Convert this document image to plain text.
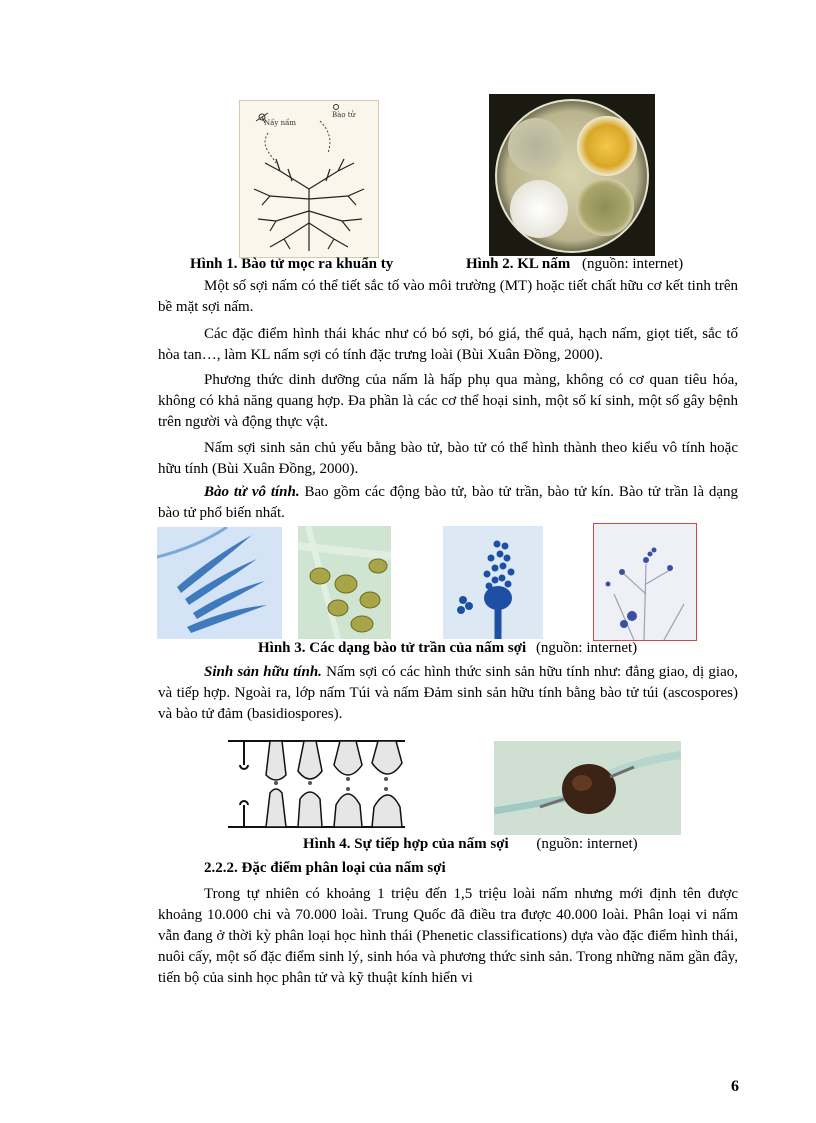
Nấy nấm
Bào tử
Hình 1. Bào tử mọc ra khuẩn ty	Hình 2. KL nấm (nguồn: internet)

Một số sợi nấm có thể tiết sắc tố vào môi trường (MT) hoặc tiết chất hữu cơ kết tinh trên bề mặt sợi nấm.

Các đặc điểm hình thái khác như có bó sợi, bó giá, thể quả, hạch nấm, giọt tiết, sắc tố hòa tan…, làm KL nấm sợi có tính đặc trưng loài (Bùi Xuân Đồng, 2000).

Phương thức dinh dưỡng của nấm là hấp phụ qua màng, không có cơ quan tiêu hóa, không có khả năng quang hợp. Đa phần là các cơ thể hoại sinh, một số kí sinh, một số gây bệnh trên người và động thực vật.

Nấm sợi sinh sản chủ yếu bằng bào tử, bào tử có thể hình thành theo kiểu vô tính hoặc hữu tính (Bùi Xuân Đồng, 2000).

Bào tử vô tính. Bao gồm các động bào tử, bào tử trần, bào tử kín. Bào tử trần là dạng bào tử phổ biến nhất.

Hình 3. Các dạng bào tử trần của nấm sợi (nguồn: internet)

Sinh sản hữu tính. Nấm sợi có các hình thức sinh sản hữu tính như: đẳng giao, dị giao, và tiếp hợp. Ngoài ra, lớp nấm Túi và nấm Đảm sinh sản hữu tính bằng bào tử túi (ascospores) và bào tử đảm (basidiospores).

Hình 4. Sự tiếp hợp của nấm sợi (nguồn: internet)
2.2.2. Đặc điểm phân loại của nấm sợi

Trong tự nhiên có khoảng 1 triệu đến 1,5 triệu loài nấm nhưng mới định tên được khoảng 10.000 chi và 70.000 loài. Trung Quốc đã điều tra được 40.000 loài. Phân loại vi nấm vẫn đang ở thời kỳ phân loại học hình thái (Phenetic classifications) dựa vào đặc điểm hình thái, nuôi cấy, một số đặc điểm sinh lý, sinh hóa và phương thức sinh sản. Trong những năm gần đây, tiến bộ của sinh học phân tử và kỹ thuật kính hiển vi

6
